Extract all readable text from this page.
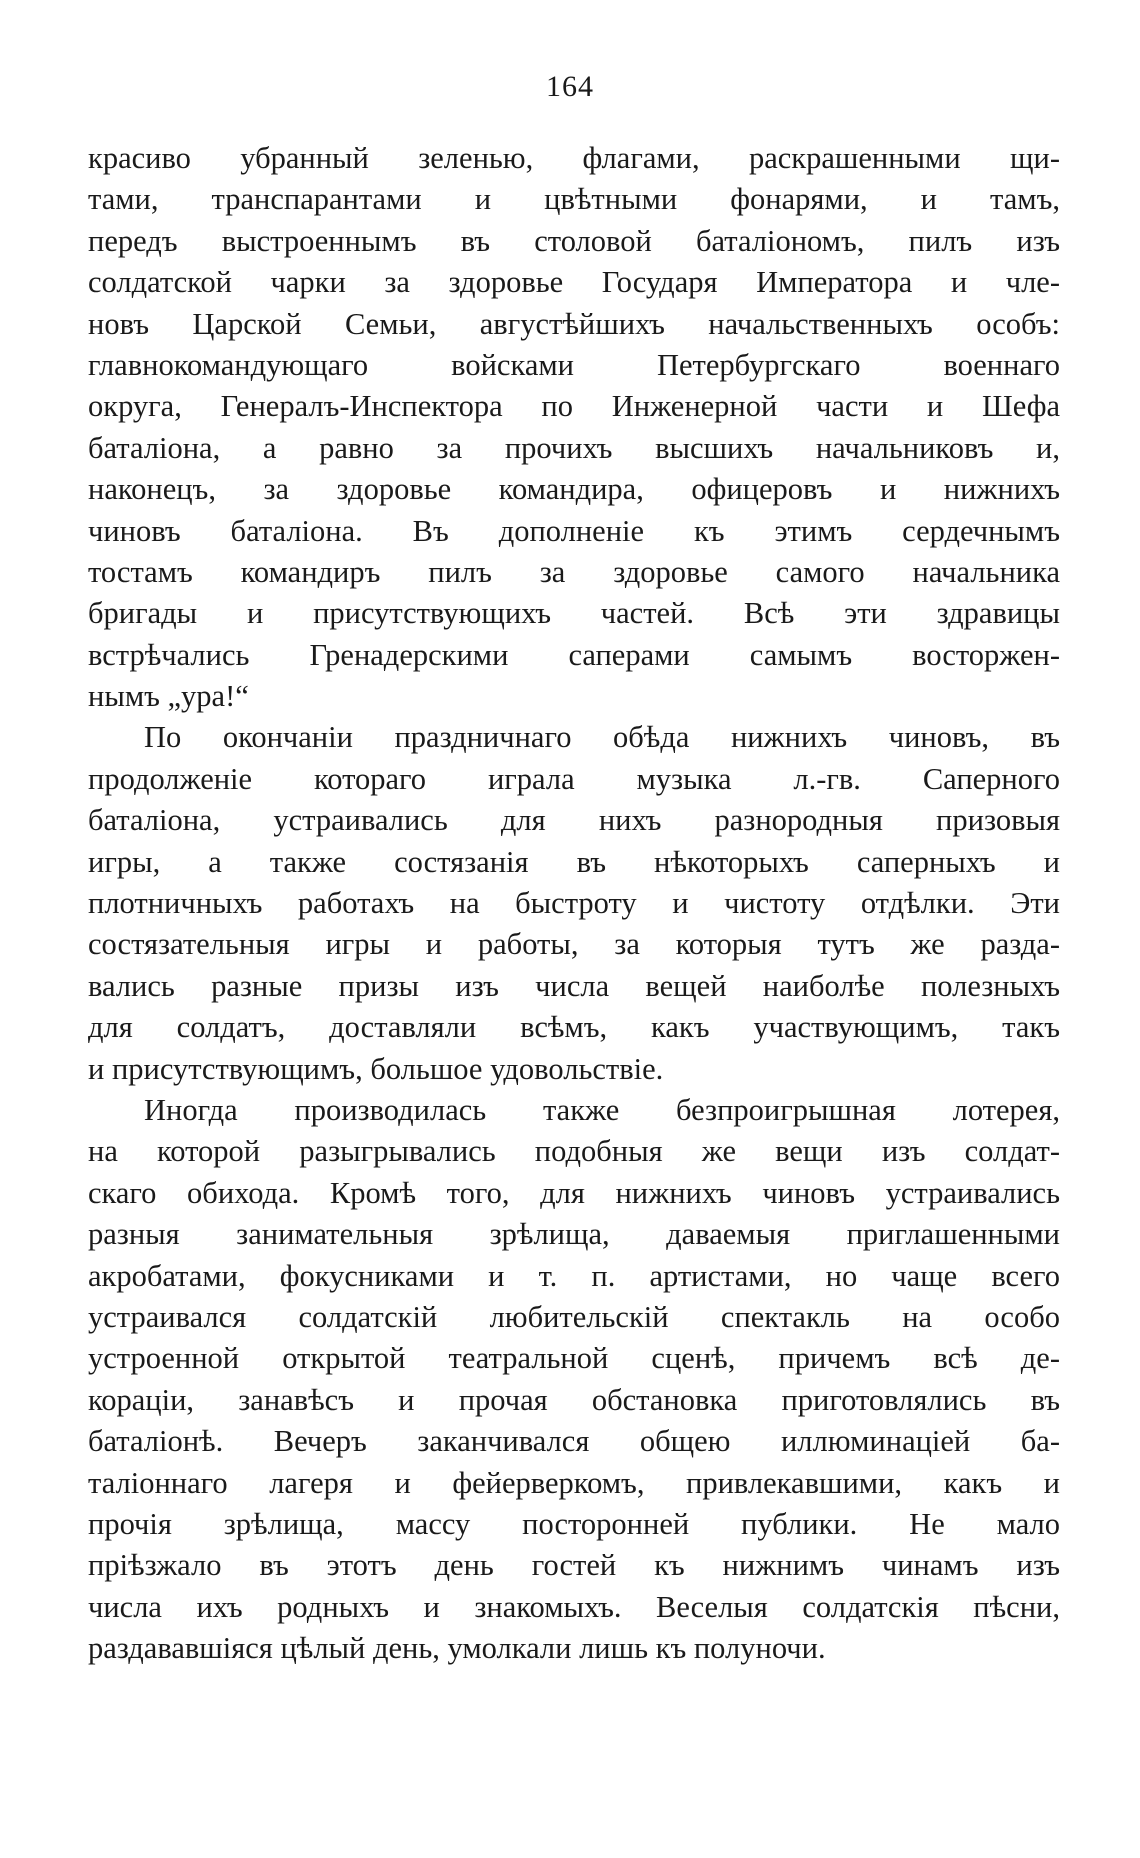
164
красиво убранный зеленью, флагами, раскрашенными щи-
тами, транспарантами и цвѣтными фонарями, и тамъ,
передъ выстроеннымъ въ столовой баталіономъ, пилъ изъ
солдатской чарки за здоровье Государя Императора и чле-
новъ Царской Семьи, августѣйшихъ начальственныхъ особъ:
главнокомандующаго войсками Петербургскаго военнаго
округа, Генералъ-Инспектора по Инженерной части и Шефа
баталіона, а равно за прочихъ высшихъ начальниковъ и,
наконецъ, за здоровье командира, офицеровъ и нижнихъ
чиновъ баталіона. Въ дополненіе къ этимъ сердечнымъ
тостамъ командиръ пилъ за здоровье самого начальника
бригады и присутствующихъ частей. Всѣ эти здравицы
встрѣчались Гренадерскими саперами самымъ восторжен-
нымъ „ура!“
По окончаніи праздничнаго обѣда нижнихъ чиновъ, въ
продолженіе котораго играла музыка л.-гв. Саперного
баталіона, устраивались для нихъ разнородныя призовыя
игры, а также состязанія въ нѣкоторыхъ саперныхъ и
плотничныхъ работахъ на быстроту и чистоту отдѣлки. Эти
состязательныя игры и работы, за которыя тутъ же разда-
вались разные призы изъ числа вещей наиболѣе полезныхъ
для солдатъ, доставляли всѣмъ, какъ участвующимъ, такъ
и присутствующимъ, большое удовольствіе.
Иногда производилась также безпроигрышная лотерея,
на которой разыгрывались подобныя же вещи изъ солдат-
скаго обихода. Кромѣ того, для нижнихъ чиновъ устраивались
разныя занимательныя зрѣлища, даваемыя приглашенными
акробатами, фокусниками и т. п. артистами, но чаще всего
устраивался солдатскій любительскій спектакль на особо
устроенной открытой театральной сценѣ, причемъ всѣ де-
кораціи, занавѣсъ и прочая обстановка приготовлялись въ
баталіонѣ. Вечеръ заканчивался общею иллюминаціей ба-
таліоннаго лагеря и фейерверкомъ, привлекавшими, какъ и
прочія зрѣлища, массу посторонней публики. Не мало
пріѣзжало въ этотъ день гостей къ нижнимъ чинамъ изъ
числа ихъ родныхъ и знакомыхъ. Веселыя солдатскія пѣсни,
раздававшіяся цѣлый день, умолкали лишь къ полуночи.
